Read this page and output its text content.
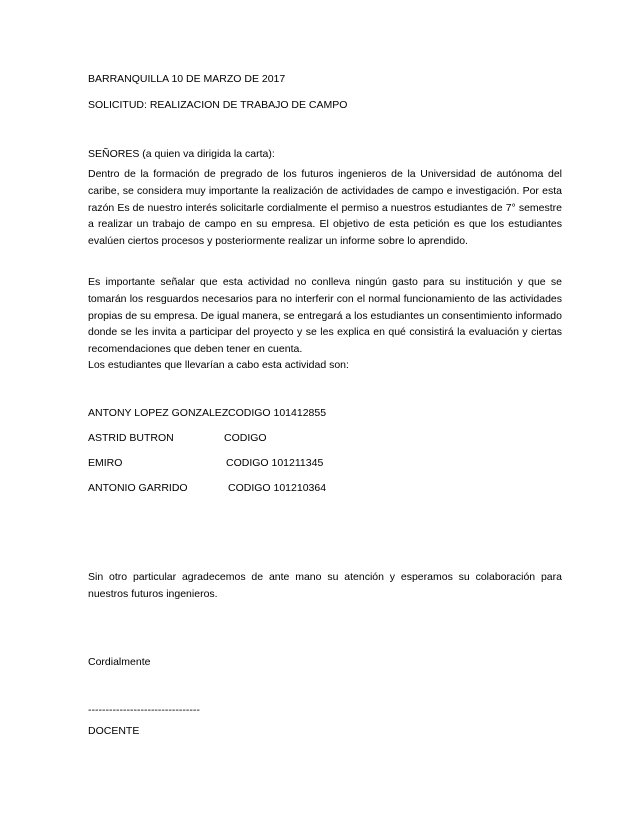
BARRANQUILLA 10 DE MARZO DE 2017
SOLICITUD: REALIZACION DE TRABAJO DE CAMPO
SEÑORES (a quien va dirigida la carta):
Dentro de la formación de pregrado de los futuros ingenieros de la Universidad de autónoma del caribe, se considera muy importante la realización de actividades de campo e investigación. Por esta razón Es de nuestro interés solicitarle cordialmente el permiso a nuestros estudiantes de 7° semestre a realizar un trabajo de campo en su empresa. El objetivo de esta petición es que los estudiantes evalúen ciertos procesos y posteriormente realizar un informe sobre lo aprendido.
Es importante señalar que esta actividad no conlleva ningún gasto para su institución y que se tomarán los resguardos necesarios para no interferir con el normal funcionamiento de las actividades propias de su empresa. De igual manera, se entregará a los estudiantes un consentimiento informado donde se les invita a participar del proyecto y se les explica en qué consistirá la evaluación y ciertas recomendaciones que deben tener en cuenta.
Los estudiantes que llevarían a cabo esta actividad son:
ANTONY LOPEZ GONZALEZ CODIGO 101412855
ASTRID BUTRON	CODIGO
EMIRO	CODIGO 101211345
ANTONIO GARRIDO	CODIGO 101210364
Sin otro particular agradecemos de ante mano su atención y esperamos su colaboración para nuestros futuros ingenieros.
Cordialmente
--------------------------------
DOCENTE
